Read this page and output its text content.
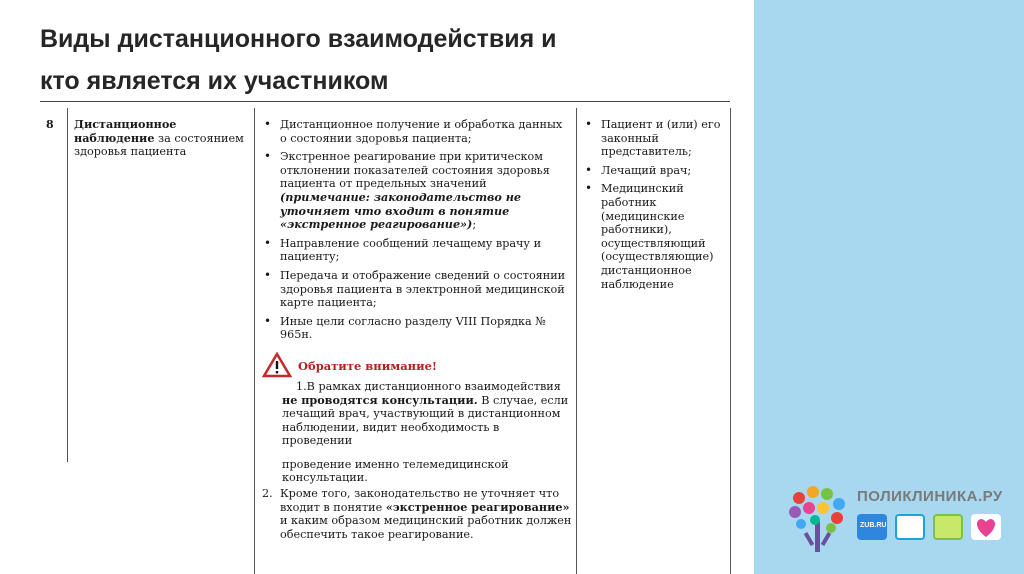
Виды дистанционного взаимодействия и
кто является их участником
8 Дистанционное наблюдение за состоянием здоровья пациента
• Дистанционное получение и обработка данных о состоянии здоровья пациента;
• Экстренное реагирование при критическом отклонении показателей состояния здоровья пациента от предельных значений (примечание: законодательство не уточняет что входит в понятие «экстренное реагирование»);
• Направление сообщений лечащему врачу и пациенту;
• Передача и отображение сведений о состоянии здоровья пациента в электронной медицинской карте пациента;
• Иные цели согласно разделу VIII Порядка № 965н.
Обратите внимание!

1.В рамках дистанционного взаимодействия не проводятся консультации. В случае, если лечащий врач, участвующий в дистанционном наблюдении, видит необходимость в проведении

проведение именно телемедицинской консультации.

2. Кроме того, законодательство не уточняет что входит в понятие «экстренное реагирование» и каким образом медицинский работник должен обеспечить такое реагирование.
• Пациент и (или) его законный представитель;
• Лечащий врач;
• Медицинский работник (медицинские работники), осуществляющий (осуществляющие) дистанционное наблюдение
ПОЛИКЛИНИКА.РУ
ZUB.RU
